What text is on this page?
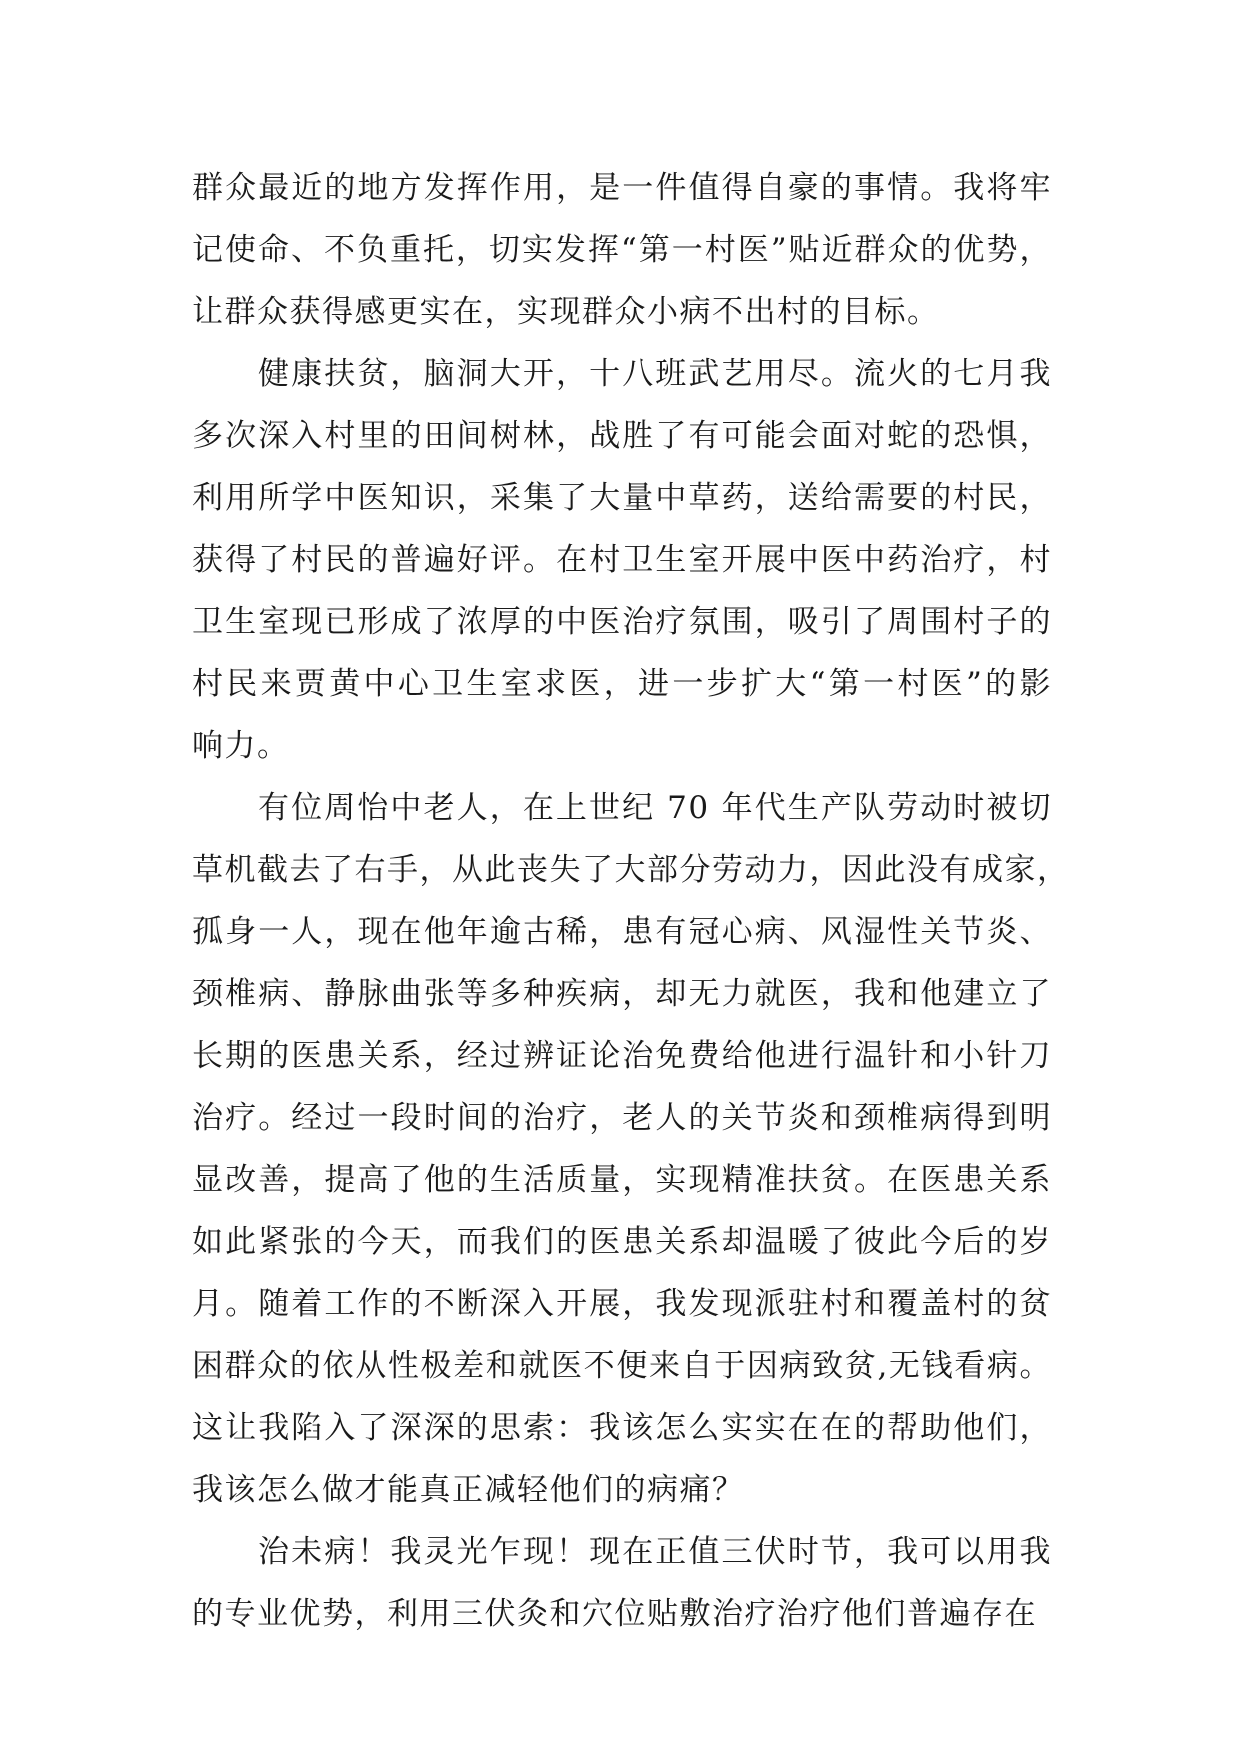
群众最近的地方发挥作用，是一件值得自豪的事情。我将牢
记使命、不负重托，切实发挥“第一村医”贴近群众的优势，
让群众获得感更实在，实现群众小病不出村的目标。
健康扶贫，脑洞大开，十八班武艺用尽。流火的七月我
多次深入村里的田间树林，战胜了有可能会面对蛇的恐惧，
利用所学中医知识，采集了大量中草药，送给需要的村民，
获得了村民的普遍好评。在村卫生室开展中医中药治疗，村
卫生室现已形成了浓厚的中医治疗氛围，吸引了周围村子的
村民来贾黄中心卫生室求医，进一步扩大“第一村医”的影
响力。
有位周怡中老人，在上世纪 70 年代生产队劳动时被切
草机截去了右手，从此丧失了大部分劳动力，因此没有成家，
孤身一人，现在他年逾古稀，患有冠心病、风湿性关节炎、
颈椎病、静脉曲张等多种疾病，却无力就医，我和他建立了
长期的医患关系，经过辨证论治免费给他进行温针和小针刀
治疗。经过一段时间的治疗，老人的关节炎和颈椎病得到明
显改善，提高了他的生活质量，实现精准扶贫。在医患关系
如此紧张的今天，而我们的医患关系却温暖了彼此今后的岁
月。随着工作的不断深入开展，我发现派驻村和覆盖村的贫
困群众的依从性极差和就医不便来自于因病致贫,无钱看病。
这让我陷入了深深的思索：我该怎么实实在在的帮助他们，
我该怎么做才能真正减轻他们的病痛？
治未病！我灵光乍现！现在正值三伏时节，我可以用我
的专业优势，利用三伏灸和穴位贴敷治疗治疗他们普遍存在
